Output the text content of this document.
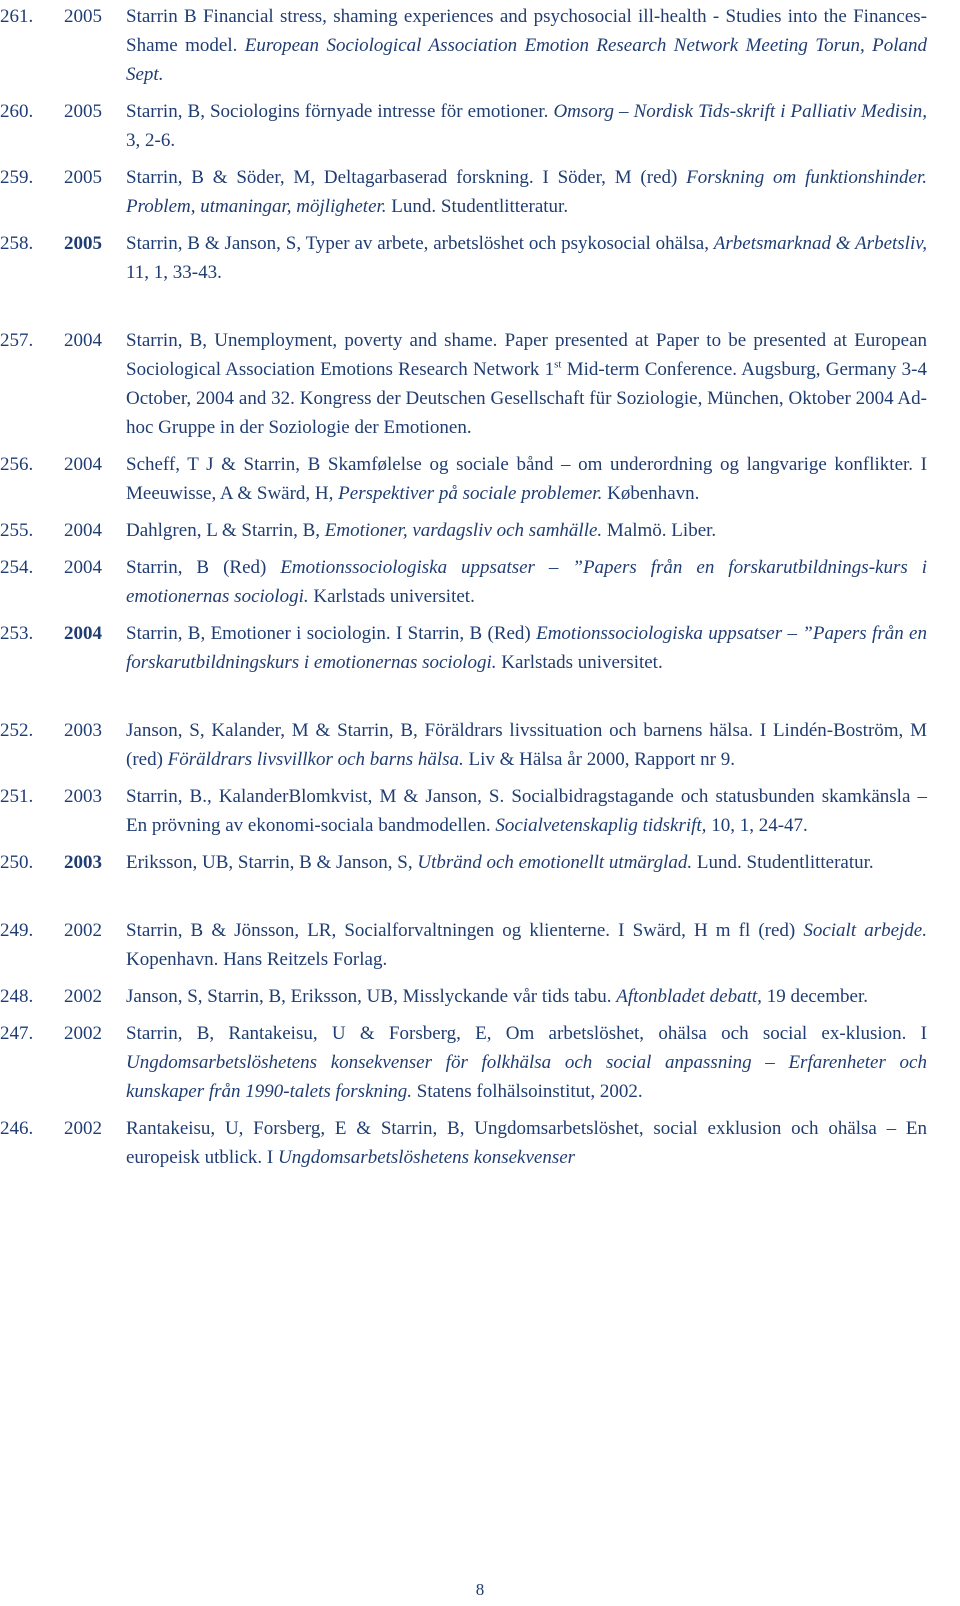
261.	2005	Starrin B Financial stress, shaming experiences and psychosocial ill-health - Studies into the Finances-Shame model. European Sociological Association Emotion Research Network Meeting Torun, Poland Sept.
260.	2005	Starrin, B, Sociologins förnyade intresse för emotioner. Omsorg – Nordisk Tids-skrift i Palliativ Medisin, 3, 2-6.
259.	2005	Starrin, B & Söder, M, Deltagarbaserad forskning. I Söder, M (red) Forskning om funktionshinder. Problem, utmaningar, möjligheter. Lund. Studentlitteratur.
258.	2005	Starrin, B & Janson, S, Typer av arbete, arbetslöshet och psykosocial ohälsa, Arbetsmarknad & Arbetsliv, 11, 1, 33-43.
257.	2004	Starrin, B, Unemployment, poverty and shame. Paper presented at Paper to be presented at European Sociological Association Emotions Research Network 1st Mid-term Conference. Augsburg, Germany 3-4 October, 2004 and 32. Kongress der Deutschen Gesellschaft für Soziologie, München, Oktober 2004 Ad-hoc Gruppe in der Soziologie der Emotionen.
256.	2004	Scheff, T J & Starrin, B Skamfølelse og sociale bånd – om underordning og langvarige konflikter. I Meeuwisse, A & Swärd, H, Perspektiver på sociale problemer. København.
255.	2004	Dahlgren, L & Starrin, B, Emotioner, vardagsliv och samhälle. Malmö. Liber.
254.	2004	Starrin, B (Red) Emotionssociologiska uppsatser – ”Papers från en forskarutbildnings-kurs i emotionernas sociologi. Karlstads universitet.
253.	2004	Starrin, B, Emotioner i sociologin. I Starrin, B (Red) Emotionssociologiska uppsatser – ”Papers från en forskarutbildningskurs i emotionernas sociologi. Karlstads universitet.
252.	2003	Janson, S, Kalander, M & Starrin, B, Föräldrars livssituation och barnens hälsa. I Lindén-Boström, M (red) Föräldrars livsvillkor och barns hälsa. Liv & Hälsa år 2000, Rapport nr 9.
251.	2003	Starrin, B., KalanderBlomkvist, M & Janson, S. Socialbidragstagande och statusbunden skamkänsla – En prövning av ekonomi-sociala bandmodellen. Socialvetenskaplig tidskrift, 10, 1, 24-47.
250.	2003	Eriksson, UB, Starrin, B & Janson, S, Utbränd och emotionellt utmärglad. Lund. Studentlitteratur.
249.	2002	Starrin, B & Jönsson, LR, Socialforvaltningen og klienterne. I Swärd, H m fl (red) Socialt arbejde. Kopenhavn. Hans Reitzels Forlag.
248.	2002	Janson, S, Starrin, B, Eriksson, UB, Misslyckande vår tids tabu. Aftonbladet debatt, 19 december.
247.	2002	Starrin, B, Rantakeisu, U & Forsberg, E, Om arbetslöshet, ohälsa och social ex-klusion. I Ungdomsarbetslöshetens konsekvenser för folkhälsa och social anpassning – Erfarenheter och kunskaper från 1990-talets forskning. Statens folhälsoinstitut, 2002.
246.	2002	Rantakeisu, U, Forsberg, E & Starrin, B, Ungdomsarbetslöshet, social exklusion och ohälsa – En europeisk utblick. I Ungdomsarbetslöshetens konsekvenser
8
